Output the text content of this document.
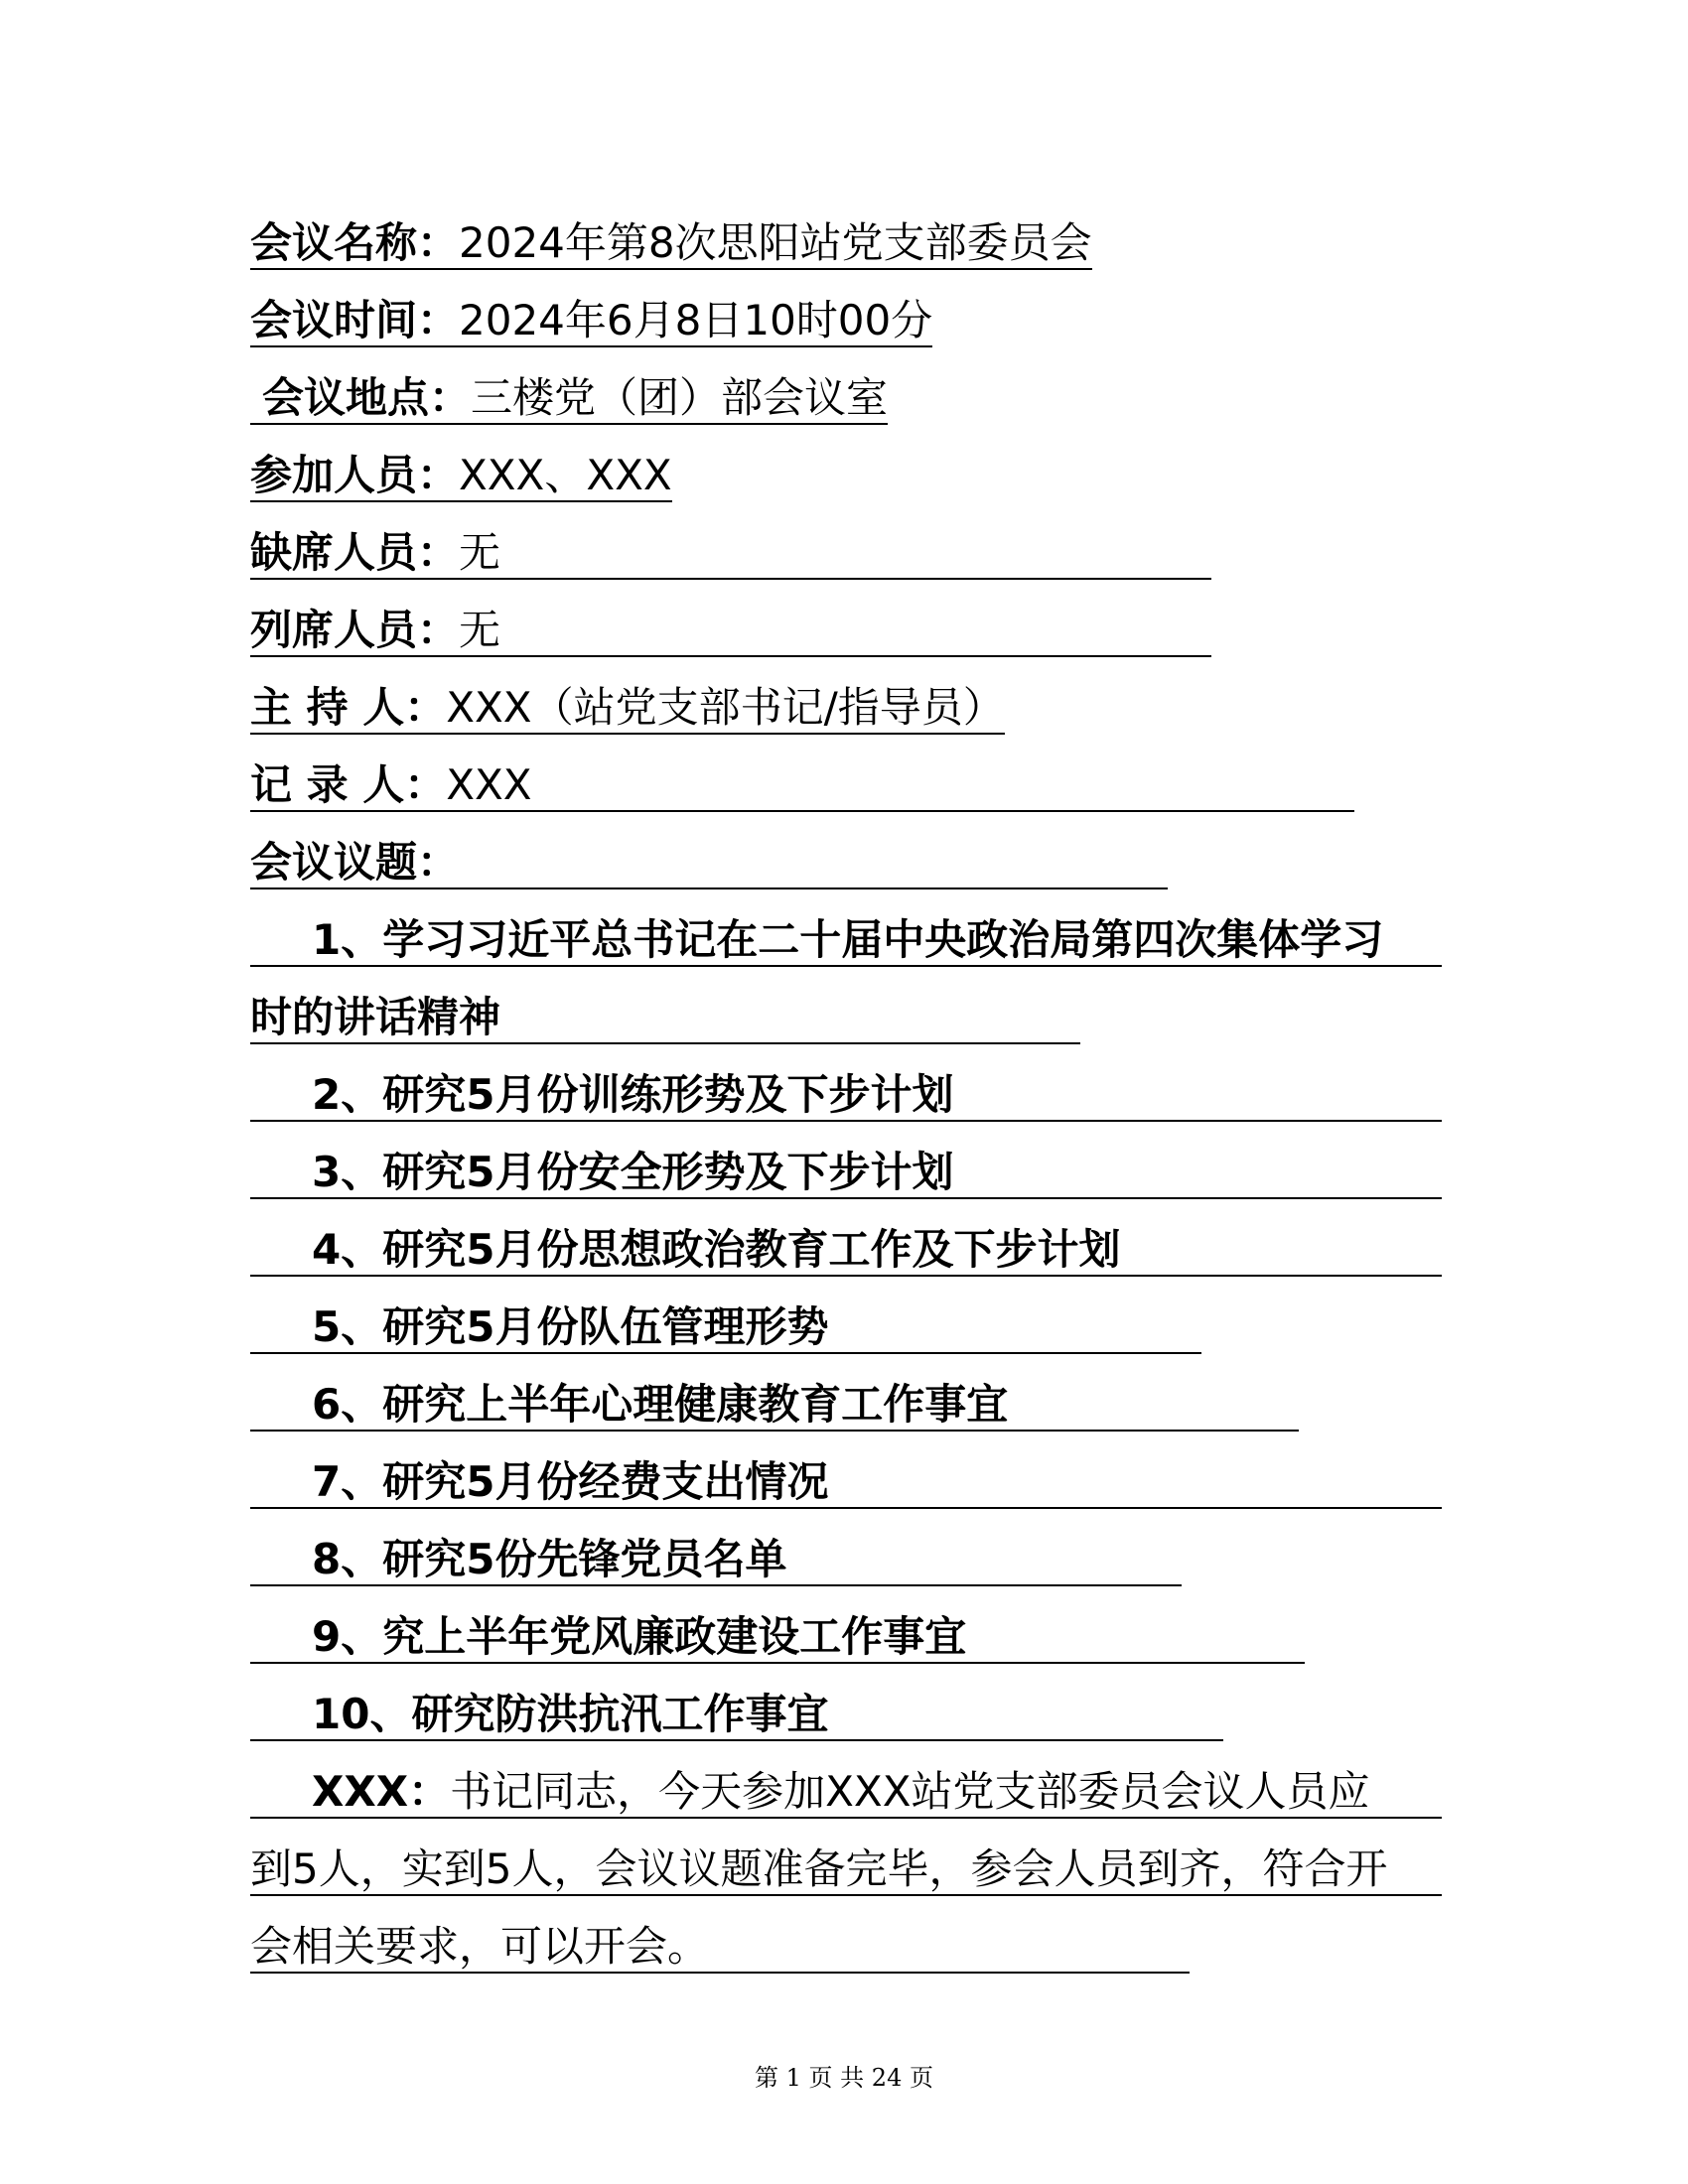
会议名称：2024年第8次思阳站党支部委员会
会议时间：2024年6月8日10时00分
会议地点：三楼党（团）部会议室
参加人员：XXX、XXX
缺席人员：无
列席人员：无
主 持 人：XXX（站党支部书记/指导员）
记 录 人：XXX
会议议题：
1、学习习近平总书记在二十届中央政治局第四次集体学习
时的讲话精神
2、研究5月份训练形势及下步计划
3、研究5月份安全形势及下步计划
4、研究5月份思想政治教育工作及下步计划
5、研究5月份队伍管理形势
6、研究上半年心理健康教育工作事宜
7、研究5月份经费支出情况
8、研究5份先锋党员名单
9、究上半年党风廉政建设工作事宜
10、研究防洪抗汛工作事宜
XXX：书记同志，今天参加XXX站党支部委员会议人员应
到5人，实到5人，会议议题准备完毕，参会人员到齐，符合开
会相关要求，可以开会。
第 1 页 共 24 页
